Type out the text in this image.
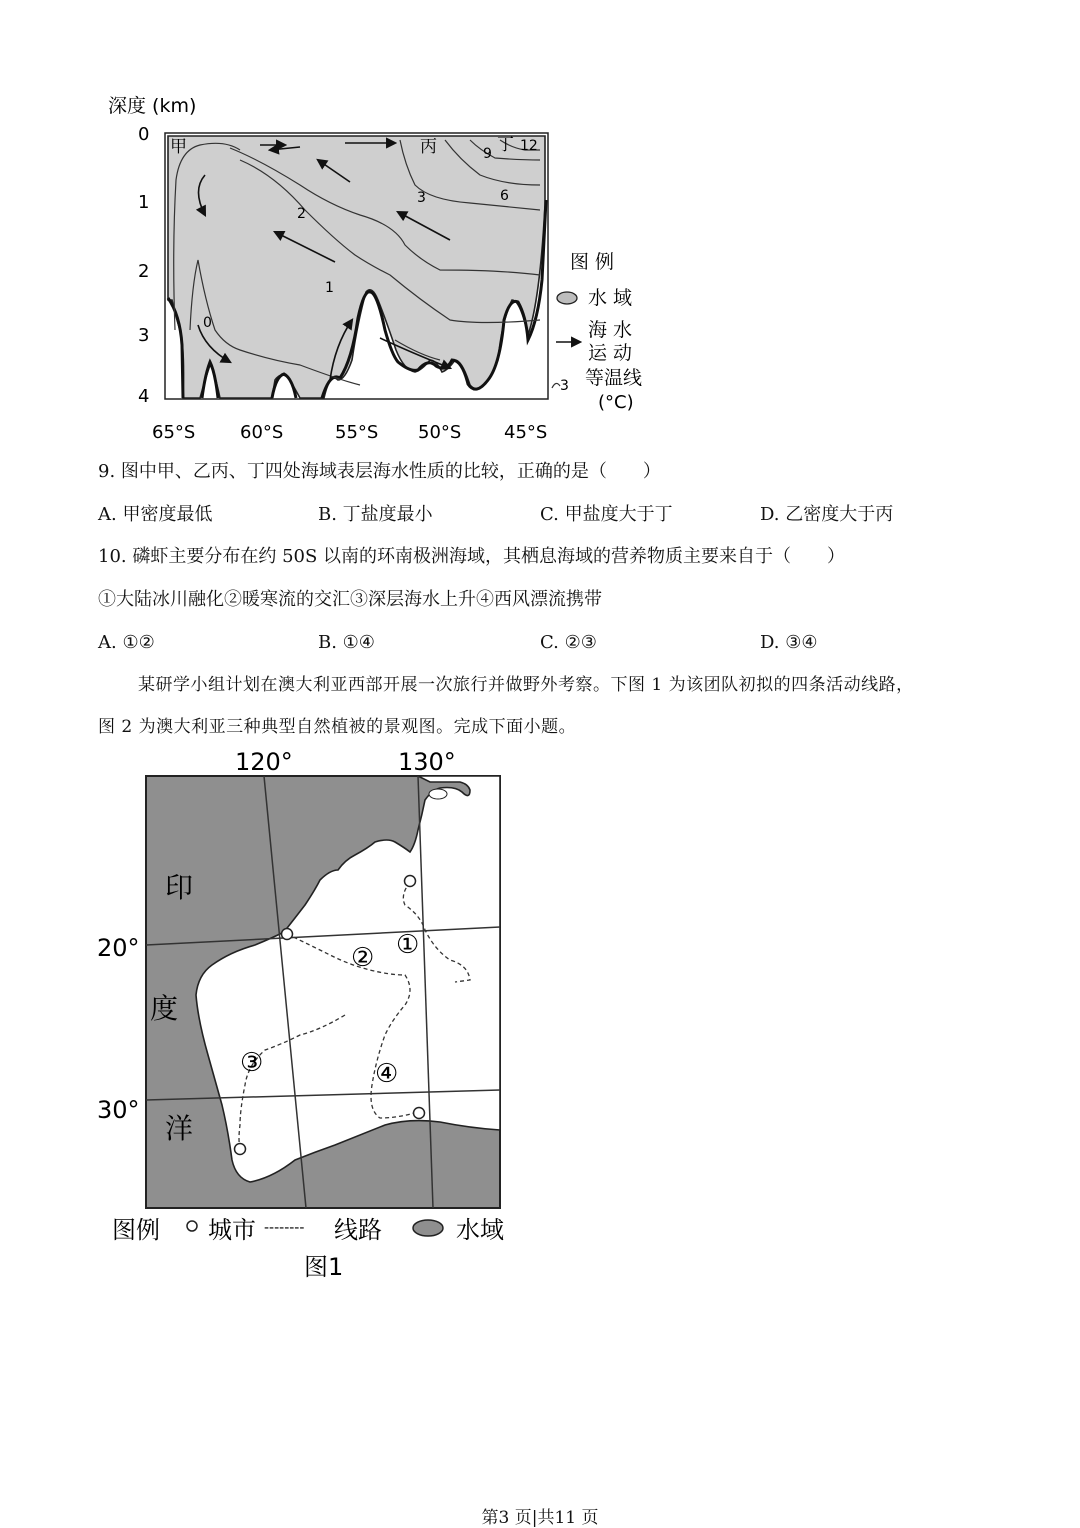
深度 (km)
0
1
2
3
4
甲	丙	丁 12
9
6
3
2
1
0
65°S 60°S	55°S 50°S 45°S
图 例
水 域
海 水
运 动
3 等温线
(°C)
9. 图中甲、乙丙、丁四处海域表层海水性质的比较，正确的是（　　）
A. 甲密度最低	B. 丁盐度最小	C. 甲盐度大于丁	D. 乙密度大于丙
10. 磷虾主要分布在约 50S 以南的环南极洲海域，其栖息海域的营养物质主要来自于（　　）
①大陆冰川融化②暖寒流的交汇③深层海水上升④西风漂流携带
A. ①②	B. ①④	C. ②③	D. ③④
某研学小组计划在澳大利亚西部开展一次旅行并做野外考察。下图 1 为该团队初拟的四条活动线路，
图 2 为澳大利亚三种典型自然植被的景观图。完成下面小题。
120°	130°
20°
30°
①
②
③	④
印
度
洋
图例 城市 -------- 线路	水域
图1
第3 页|共11 页
